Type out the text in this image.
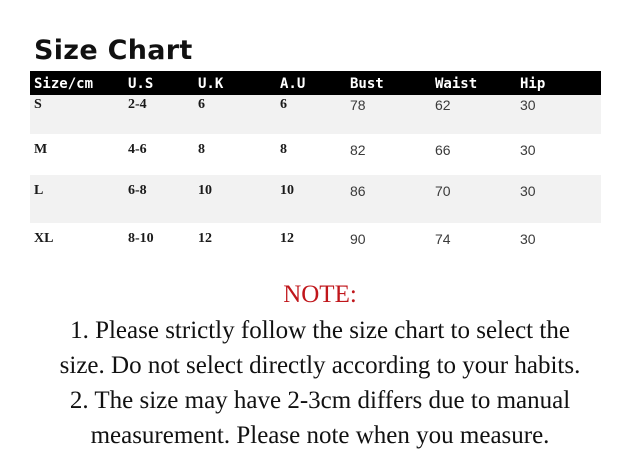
Size Chart
Size/cm U.S	U.K	A.U	Bust	Waist	Hip
S	2-4	6	6	78	62	30
M	4-6	8	8	82	66	30
L	6-8	10	10	86	70	30
XL	8-10	12	12	90	74	30
NOTE:
1. Please strictly follow the size chart to select the
size. Do not select directly according to your habits.
2. The size may have 2-3cm differs due to manual
measurement. Please note when you measure.
